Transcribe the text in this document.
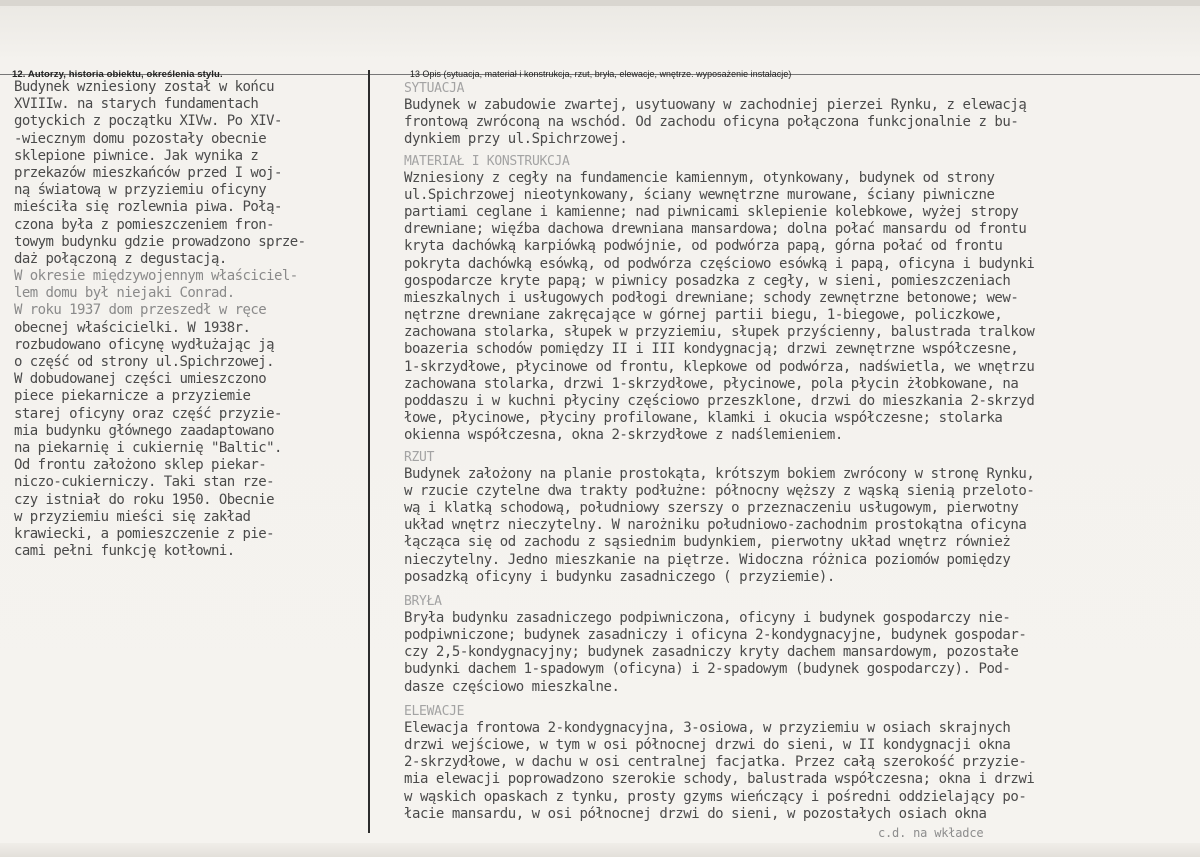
12. Autorzy, historia obiektu, określenia stylu.	13 Opis (sytuacja, materiał i konstrukcja, rzut, bryła, elewacje, wnętrze. wyposażenie instalacje)
Budynek wzniesiony został w końcu
XVIIIw. na starych fundamentach
gotyckich z początku XIVw. Po XIV-
-wiecznym domu pozostały obecnie
sklepione piwnice. Jak wynika z
przekazów mieszkańców przed I woj-
ną światową w przyziemiu oficyny
mieściła się rozlewnia piwa. Połą-
czona była z pomieszczeniem fron-
towym budynku gdzie prowadzono sprze-
daż połączoną z degustacją.
W okresie międzywojennym właściciel-
lem domu był niejaki Conrad.
W roku 1937 dom przeszedł w ręce
obecnej właścicielki. W 1938r.
rozbudowano oficynę wydłużając ją
o część od strony ul.Spichrzowej.
W dobudowanej części umieszczono
piece piekarnicze a przyziemie
starej oficyny oraz część przyzie-
mia budynku głównego zaadaptowano
na piekarnię i cukiernię "Baltic".
Od frontu założono sklep piekar-
niczo-cukierniczy. Taki stan rze-
czy istniał do roku 1950. Obecnie
w przyziemiu mieści się zakład
krawiecki, a pomieszczenie z pie-
cami pełni funkcję kotłowni.
SYTUACJA
Budynek w zabudowie zwartej, usytuowany w zachodniej pierzei Rynku, z elewacją
frontową zwróconą na wschód. Od zachodu oficyna połączona funkcjonalnie z bu-
dynkiem przy ul.Spichrzowej.
MATERIAŁ I KONSTRUKCJA
Wzniesiony z cegły na fundamencie kamiennym, otynkowany, budynek od strony
ul.Spichrzowej nieotynkowany, ściany wewnętrzne murowane, ściany piwniczne
partiami ceglane i kamienne; nad piwnicami sklepienie kolebkowe, wyżej stropy
drewniane; więźba dachowa drewniana mansardowa; dolna połać mansardu od frontu
kryta dachówką karpiówką podwójnie, od podwórza papą, górna połać od frontu
pokryta dachówką esówką, od podwórza częściowo esówką i papą, oficyna i budynki
gospodarcze kryte papą; w piwnicy posadzka z cegły, w sieni, pomieszczeniach
mieszkalnych i usługowych podłogi drewniane; schody zewnętrzne betonowe; wew-
nętrzne drewniane zakręcające w górnej partii biegu, 1-biegowe, policzkowe,
zachowana stolarka, słupek w przyziemiu, słupek przyścienny, balustrada tralkow
boazeria schodów pomiędzy II i III kondygnacją; drzwi zewnętrzne współczesne,
1-skrzydłowe, płycinowe od frontu, klepkowe od podwórza, nadświetla, we wnętrzu
zachowana stolarka, drzwi 1-skrzydłowe, płycinowe, pola płycin żłobkowane, na
poddaszu i w kuchni płyciny częściowo przeszklone, drzwi do mieszkania 2-skrzyd
łowe, płycinowe, płyciny profilowane, klamki i okucia współczesne; stolarka
okienna współczesna, okna 2-skrzydłowe z nadślemieniem.
RZUT
Budynek założony na planie prostokąta, krótszym bokiem zwrócony w stronę Rynku,
w rzucie czytelne dwa trakty podłużne: północny węższy z wąską sienią przeloto-
wą i klatką schodową, południowy szerszy o przeznaczeniu usługowym, pierwotny
układ wnętrz nieczytelny. W narożniku południowo-zachodnim prostokątna oficyna
łącząca się od zachodu z sąsiednim budynkiem, pierwotny układ wnętrz również
nieczytelny. Jedno mieszkanie na piętrze. Widoczna różnica poziomów pomiędzy
posadzką oficyny i budynku zasadniczego ( przyziemie).
BRYŁA
Bryła budynku zasadniczego podpiwniczona, oficyny i budynek gospodarczy nie-
podpiwniczone; budynek zasadniczy i oficyna 2-kondygnacyjne, budynek gospodar-
czy 2,5-kondygnacyjny; budynek zasadniczy kryty dachem mansardowym, pozostałe
budynki dachem 1-spadowym (oficyna) i 2-spadowym (budynek gospodarczy). Pod-
dasze częściowo mieszkalne.
ELEWACJE
Elewacja frontowa 2-kondygnacyjna, 3-osiowa, w przyziemiu w osiach skrajnych
drzwi wejściowe, w tym w osi północnej drzwi do sieni, w II kondygnacji okna
2-skrzydłowe, w dachu w osi centralnej facjatka. Przez całą szerokość przyzie-
mia elewacji poprowadzono szerokie schody, balustrada współczesna; okna i drzwi
w wąskich opaskach z tynku, prosty gzyms wieńczący i pośredni oddzielający po-
łacie mansardu, w osi północnej drzwi do sieni, w pozostałych osiach okna
c.d. na wkładce
